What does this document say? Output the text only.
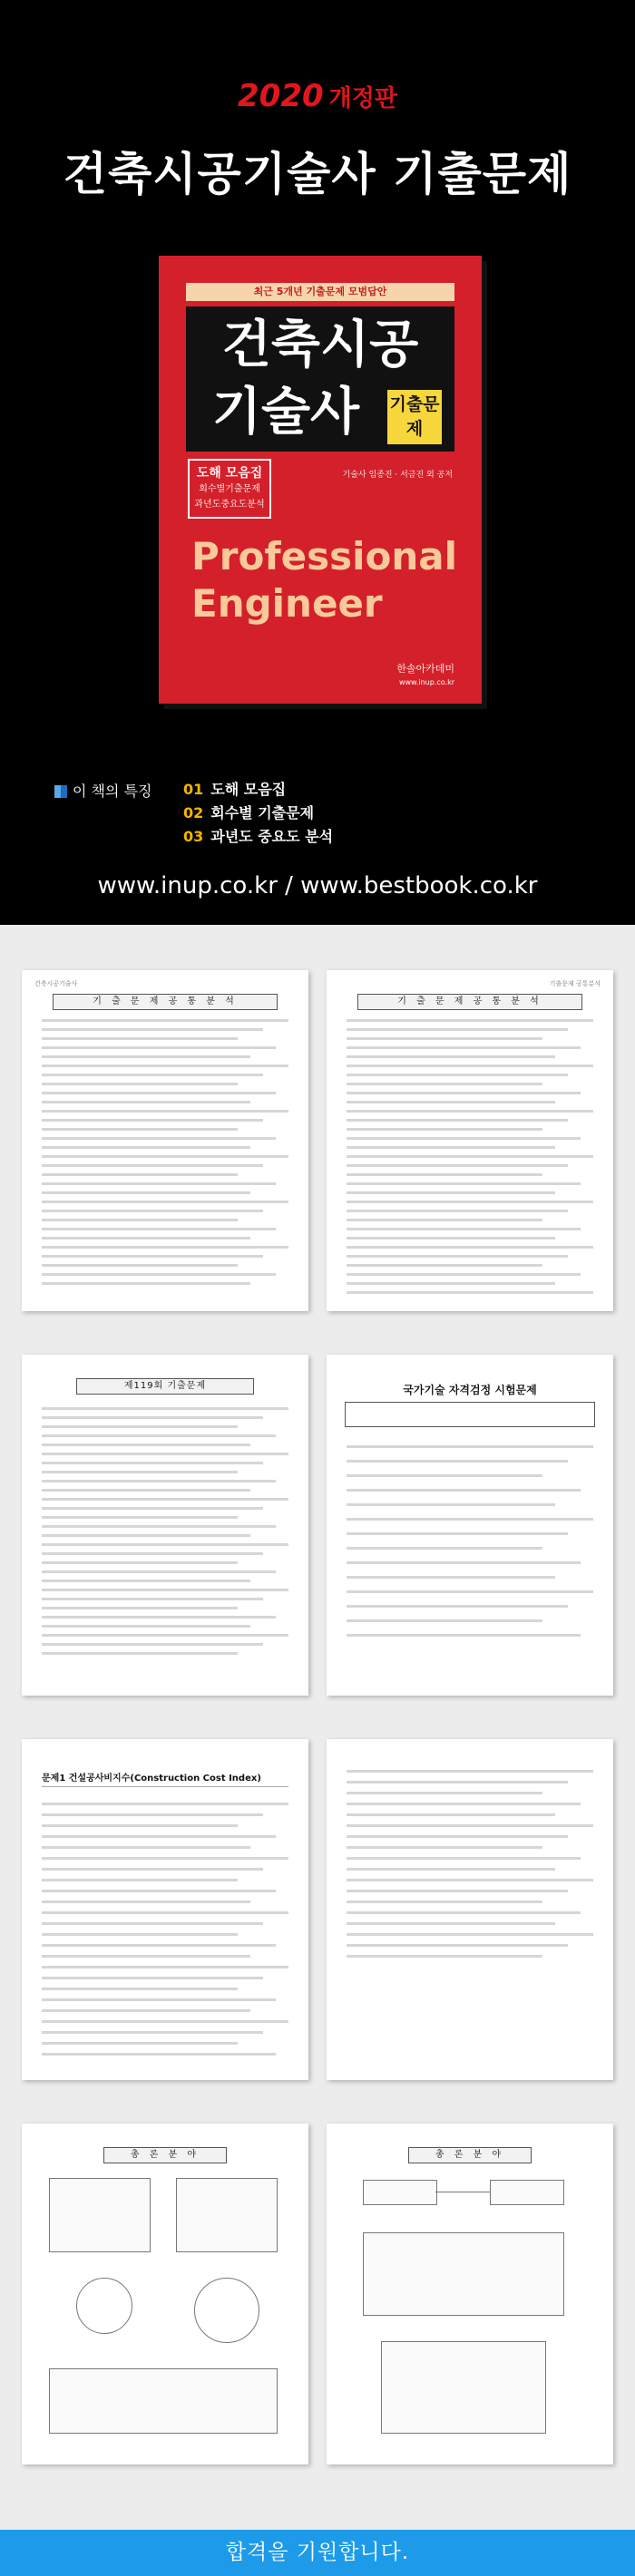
2020 개정판
건축시공기술사 기출문제
최근 5개년 기출문제 모범답안
건축시공
기술사	기출문제
도해 모음집
회수별기출문제
과년도중요도분석
기술사 임종진 · 서금진 외 공저
Professional
Engineer
한솔아카데미
www.inup.co.kr
이 책의 특징 01 도해 모음집
02 회수별 기출문제
03 과년도 중요도 분석
www.inup.co.kr / www.bestbook.co.kr
건축시공기술사
기 출 문 제 공 통 분 석
기출문제 공통분석
기 출 문 제 공 통 분 석
제119회 기출문제	국가기술 자격검정 시험문제
문제1 건설공사비지수(Construction Cost Index)
총 론 분 야	총 론 분 야
합격을 기원합니다.
